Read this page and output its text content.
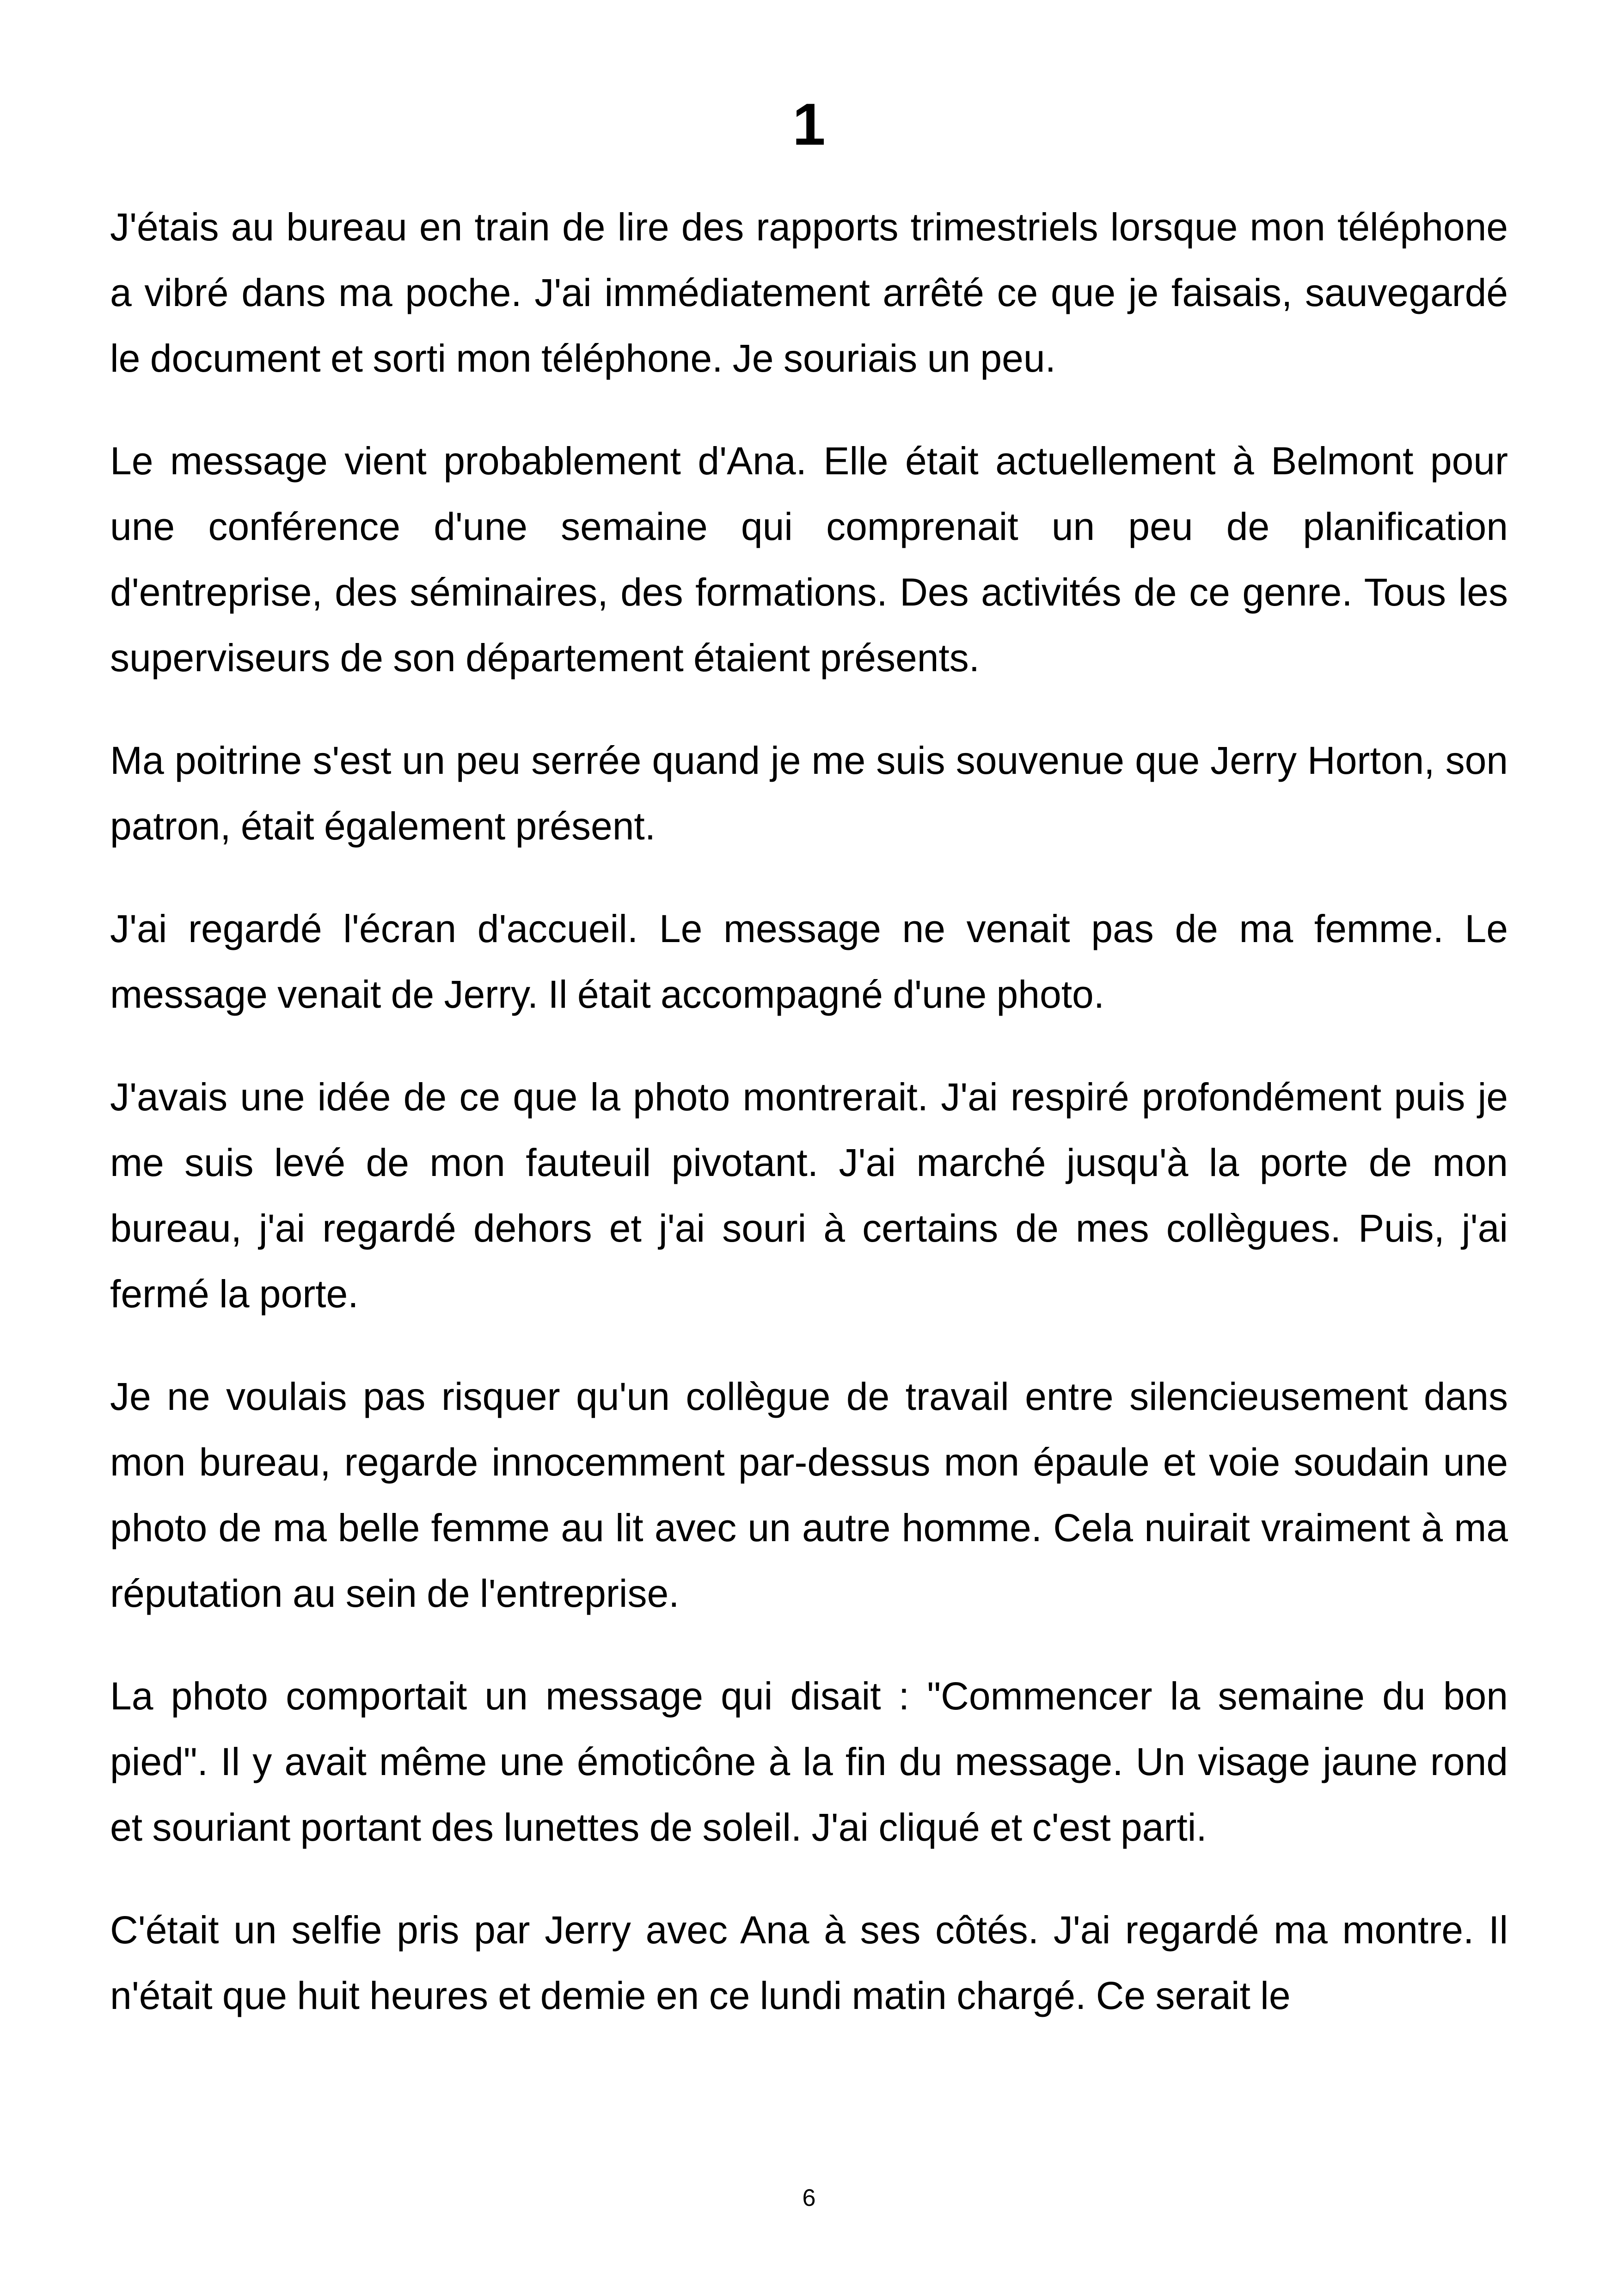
1

J'étais au bureau en train de lire des rapports trimestriels lorsque mon téléphone a vibré dans ma poche. J'ai immédiatement arrêté ce que je faisais, sauvegardé le document et sorti mon téléphone. Je souriais un peu.

Le message vient probablement d'Ana. Elle était actuellement à Belmont pour une conférence d'une semaine qui comprenait un peu de planification d'entreprise, des séminaires, des formations. Des activités de ce genre. Tous les superviseurs de son département étaient présents.

Ma poitrine s'est un peu serrée quand je me suis souvenue que Jerry Horton, son patron, était également présent.

J'ai regardé l'écran d'accueil. Le message ne venait pas de ma femme. Le message venait de Jerry. Il était accompagné d'une photo.

J'avais une idée de ce que la photo montrerait. J'ai respiré profondément puis je me suis levé de mon fauteuil pivotant. J'ai marché jusqu'à la porte de mon bureau, j'ai regardé dehors et j'ai souri à certains de mes collègues. Puis, j'ai fermé la porte.

Je ne voulais pas risquer qu'un collègue de travail entre silencieusement dans mon bureau, regarde innocemment par-dessus mon épaule et voie soudain une photo de ma belle femme au lit avec un autre homme. Cela nuirait vraiment à ma réputation au sein de l'entreprise.

La photo comportait un message qui disait : "Commencer la semaine du bon pied". Il y avait même une émoticône à la fin du message. Un visage jaune rond et souriant portant des lunettes de soleil. J'ai cliqué et c'est parti.

C'était un selfie pris par Jerry avec Ana à ses côtés. J'ai regardé ma montre. Il n'était que huit heures et demie en ce lundi matin chargé. Ce serait le

6
